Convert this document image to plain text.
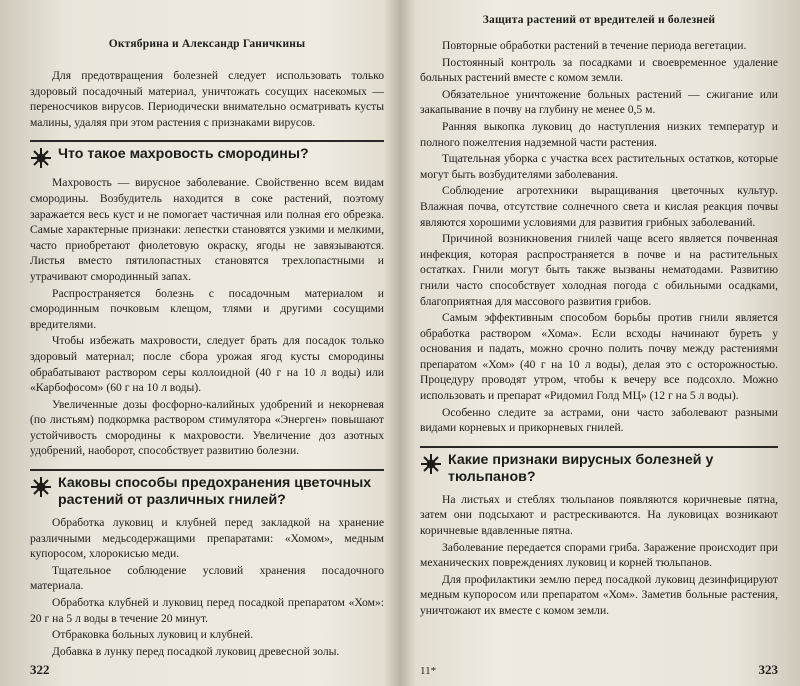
Октябрина и Александр Ганичкины

Для предотвращения болезней следует использовать только здоровый посадочный материал, уничтожать сосущих насекомых — переносчиков вирусов. Периодически внимательно осматривать кусты малины, удаляя при этом растения с признаками вирусов.

Что такое махровость смородины?

Махровость — вирусное заболевание. Свойственно всем видам смородины. Возбудитель находится в соке растений, поэтому заражается весь куст и не помогает частичная или полная его обрезка. Самые характерные признаки: лепестки становятся узкими и мелкими, часто приобретают фиолетовую окраску, ягоды не завязываются. Листья вместо пятилопастных становятся трехлопастными и утрачивают смородинный запах.

Распространяется болезнь с посадочным материалом и смородинным почковым клещом, тлями и другими сосущими вредителями.

Чтобы избежать махровости, следует брать для посадок только здоровый материал; после сбора урожая ягод кусты смородины обрабатывают раствором серы коллоидной (40 г на 10 л воды) или «Карбофосом» (60 г на 10 л воды).

Увеличенные дозы фосфорно-калийных удобрений и некорневая (по листьям) подкормка раствором стимулятора «Энерген» повышают устойчивость смородины к махровости. Увеличение доз азотных удобрений, наоборот, способствует развитию болезни.

Каковы способы предохранения цветочных растений от различных гнилей?

Обработка луковиц и клубней перед закладкой на хранение различными медьсодержащими препаратами: «Хомом», медным купоросом, хлорокисью меди.

Тщательное соблюдение условий хранения посадочного материала.

Обработка клубней и луковиц перед посадкой препаратом «Хом»: 20 г на 5 л воды в течение 20 минут.

Отбраковка больных луковиц и клубней.

Добавка в лунку перед посадкой луковиц древесной золы.

322
Защита растений от вредителей и болезней

Повторные обработки растений в течение периода вегетации.

Постоянный контроль за посадками и своевременное удаление больных растений вместе с комом земли.

Обязательное уничтожение больных растений — сжигание или закапывание в почву на глубину не менее 0,5 м.

Ранняя выкопка луковиц до наступления низких температур и полного пожелтения надземной части растения.

Тщательная уборка с участка всех растительных остатков, которые могут быть возбудителями заболевания.

Соблюдение агротехники выращивания цветочных культур. Влажная почва, отсутствие солнечного света и кислая реакция почвы являются хорошими условиями для развития грибных заболеваний.

Причиной возникновения гнилей чаще всего является почвенная инфекция, которая распространяется в почве и на растительных остатках. Гнили могут быть также вызваны нематодами. Развитию гнили часто способствует холодная погода с обильными осадками, благоприятная для массового развития грибов.

Самым эффективным способом борьбы против гнили является обработка раствором «Хома». Если всходы начинают буреть у основания и падать, можно срочно полить почву между растениями препаратом «Хом» (40 г на 10 л воды), делая это с осторожностью. Процедуру проводят утром, чтобы к вечеру все подсохло. Можно использовать и препарат «Ридомил Голд МЦ» (12 г на 5 л воды).

Особенно следите за астрами, они часто заболевают разными видами корневых и прикорневых гнилей.

Какие признаки вирусных болезней у тюльпанов?

На листьях и стеблях тюльпанов появляются коричневые пятна, затем они подсыхают и растрескиваются. На луковицах возникают коричневые вдавленные пятна.

Заболевание передается спорами гриба. Заражение происходит при механических повреждениях луковиц и корней тюльпанов.

Для профилактики землю перед посадкой луковиц дезинфицируют медным купоросом или препаратом «Хом». Заметив больные растения, уничтожают их вместе с комом земли.

11*	323
